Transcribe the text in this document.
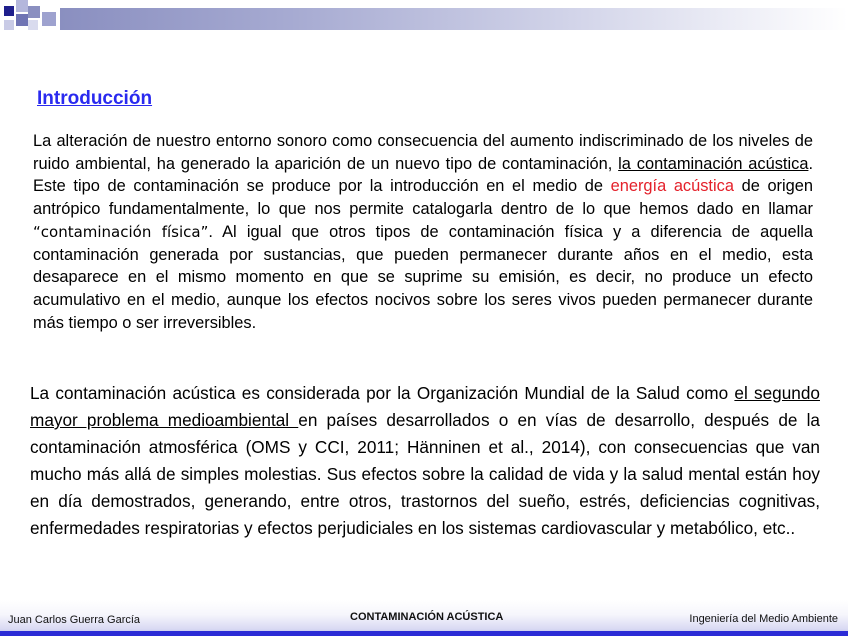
Introducción

La alteración de nuestro entorno sonoro como consecuencia del aumento indiscriminado de los niveles de ruido ambiental, ha generado la aparición de un nuevo tipo de contaminación, la contaminación acústica. Este tipo de contaminación se produce por la introducción en el medio de energía acústica de origen antrópico fundamentalmente, lo que nos permite catalogarla dentro de lo que hemos dado en llamar “contaminación física”. Al igual que otros tipos de contaminación física y a diferencia de aquella contaminación generada por sustancias, que pueden permanecer durante años en el medio, esta desaparece en el mismo momento en que se suprime su emisión, es decir, no produce un efecto acumulativo en el medio, aunque los efectos nocivos sobre los seres vivos pueden permanecer durante más tiempo o ser irreversibles.

La contaminación acústica es considerada por la Organización Mundial de la Salud como el segundo mayor problema medioambiental en países desarrollados o en vías de desarrollo, después de la contaminación atmosférica (OMS y CCI, 2011; Hänninen et al., 2014), con consecuencias que van mucho más allá de simples molestias. Sus efectos sobre la calidad de vida y la salud mental están hoy en día demostrados, generando, entre otros, trastornos del sueño, estrés, deficiencias cognitivas, enfermedades respiratorias y efectos perjudiciales en los sistemas cardiovascular y metabólico, etc..

Juan Carlos Guerra García	CONTAMINACIÓN ACÚSTICA	Ingeniería del Medio Ambiente
